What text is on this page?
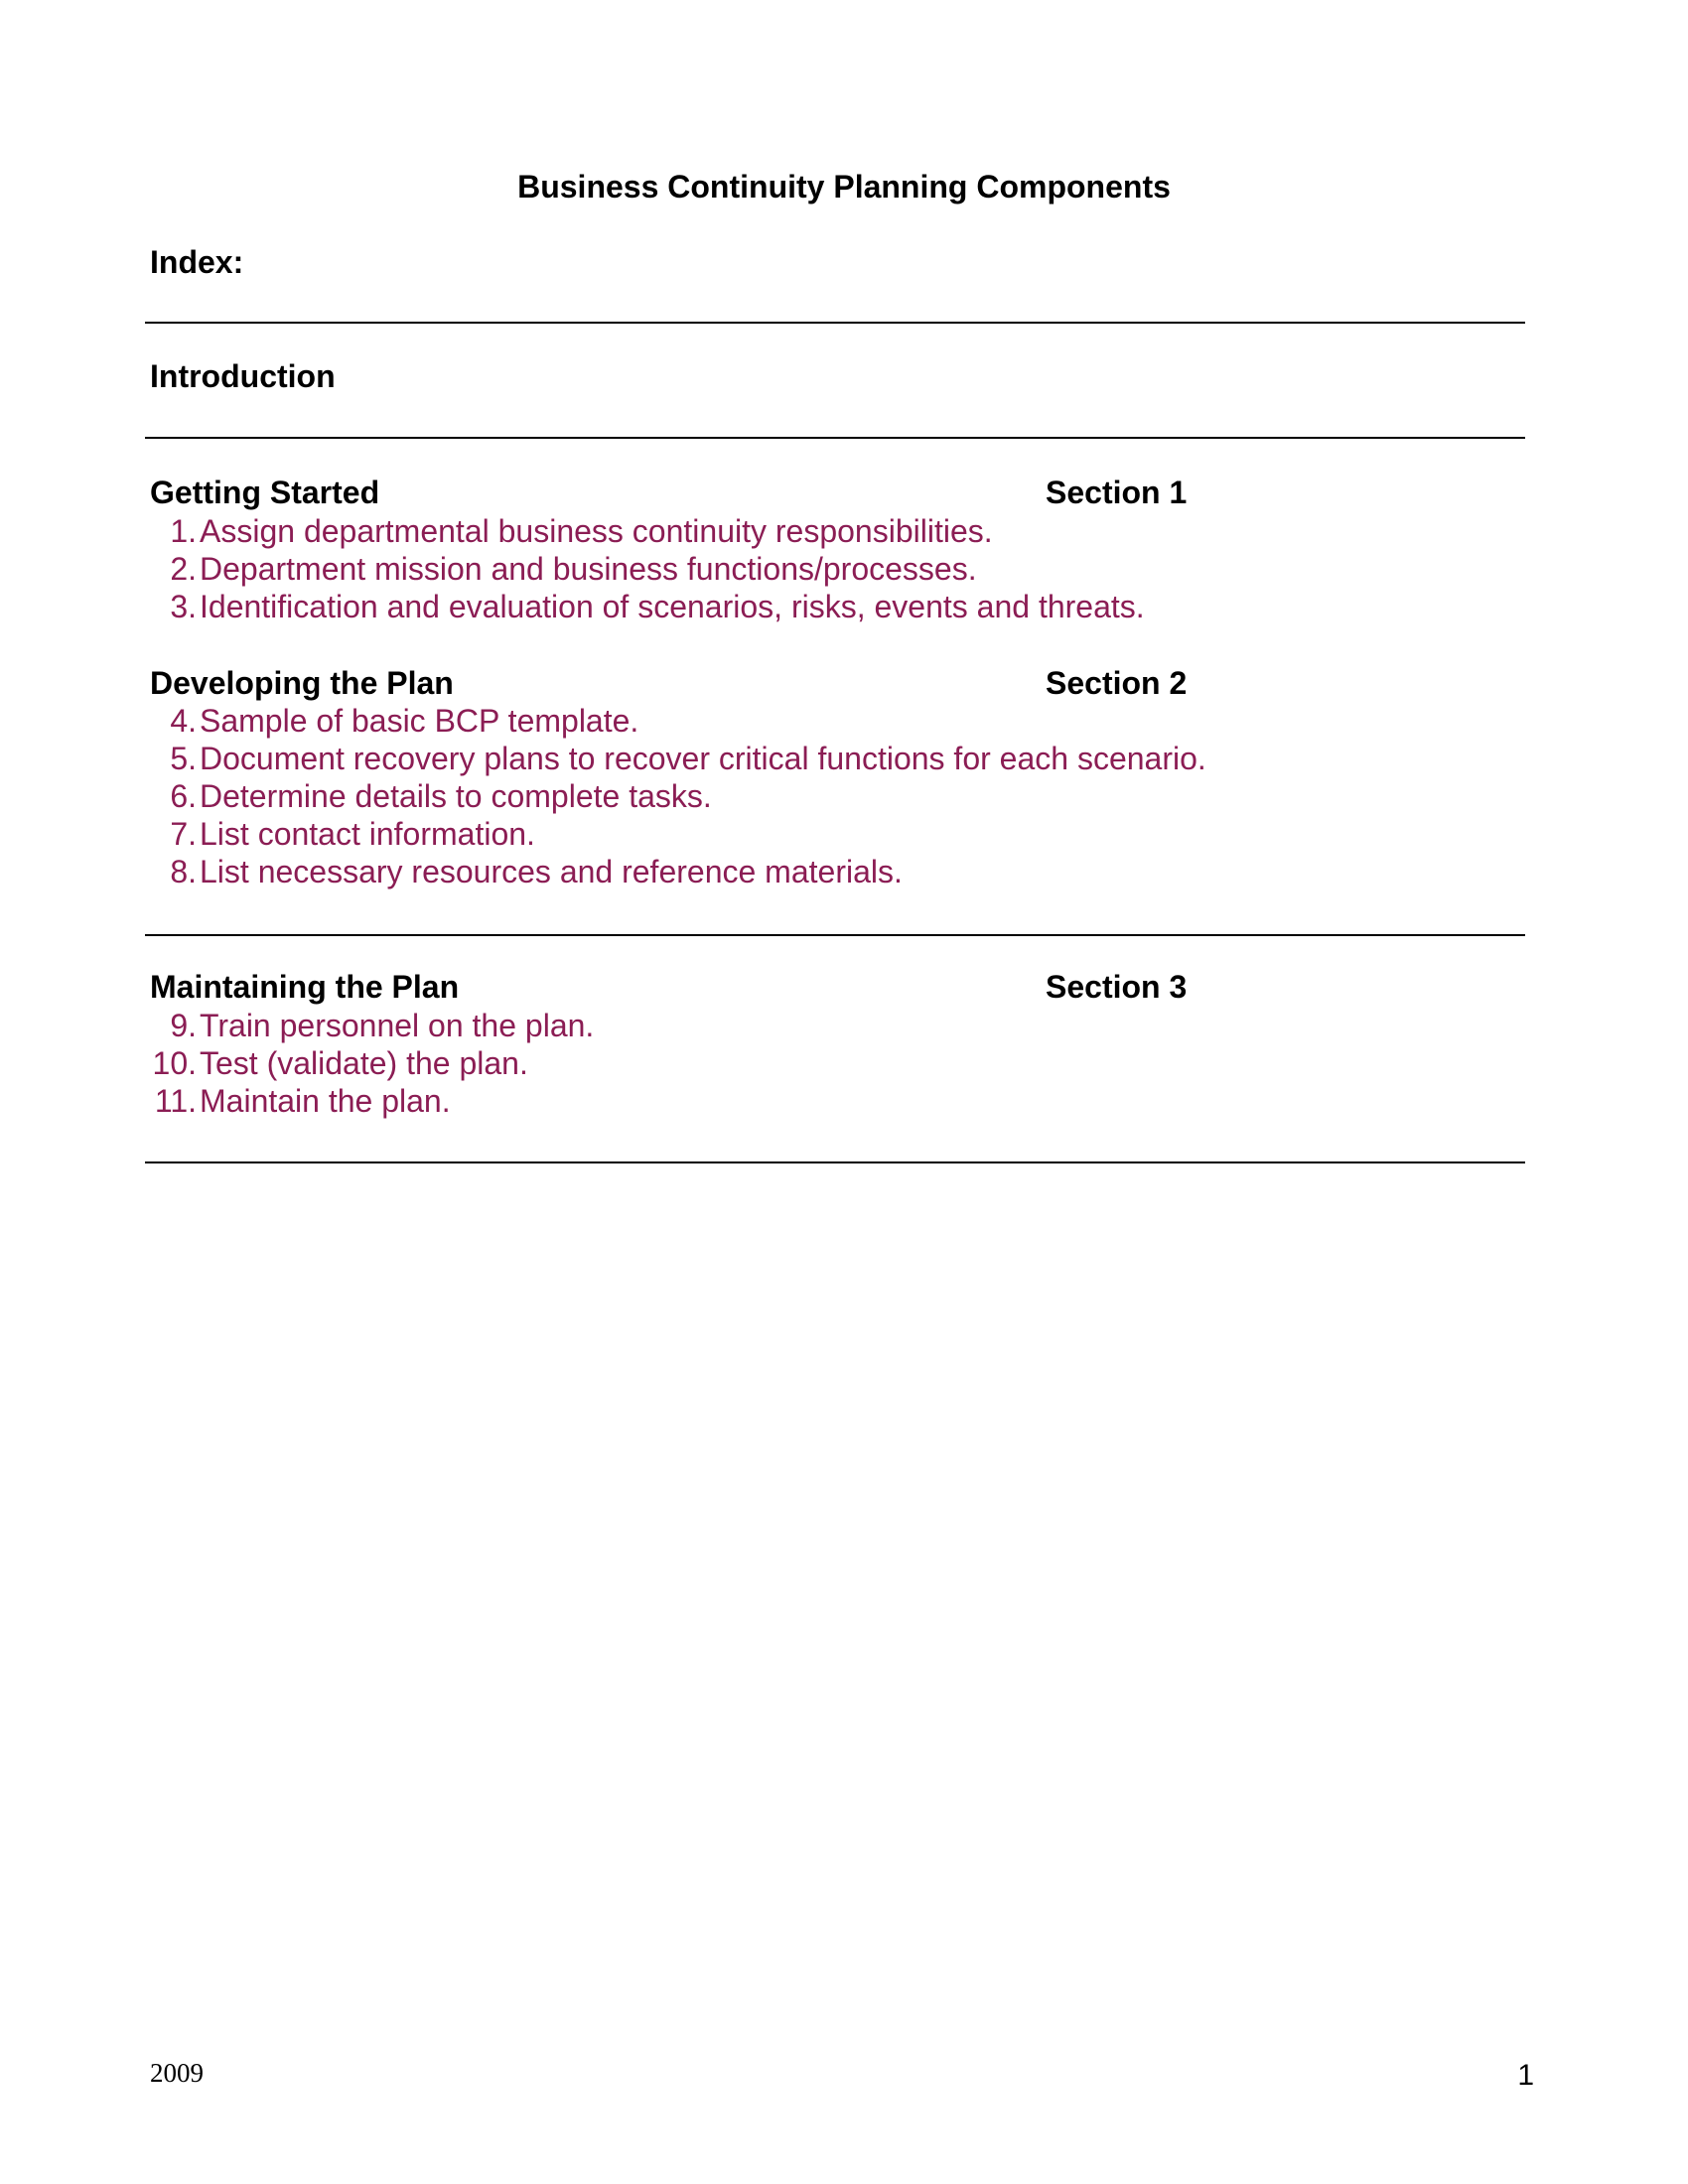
Business Continuity Planning Components
Index:
Introduction
Getting Started	Section 1
1. Assign departmental business continuity responsibilities.
2. Department mission and business functions/processes.
3. Identification and evaluation of scenarios, risks, events and threats.
Developing the Plan	Section 2
4. Sample of basic BCP template.
5. Document recovery plans to recover critical functions for each scenario.
6. Determine details to complete tasks.
7. List contact information.
8. List necessary resources and reference materials.
Maintaining the Plan	Section 3
9. Train personnel on the plan.
10. Test (validate) the plan.
11. Maintain the plan.
2009	1
